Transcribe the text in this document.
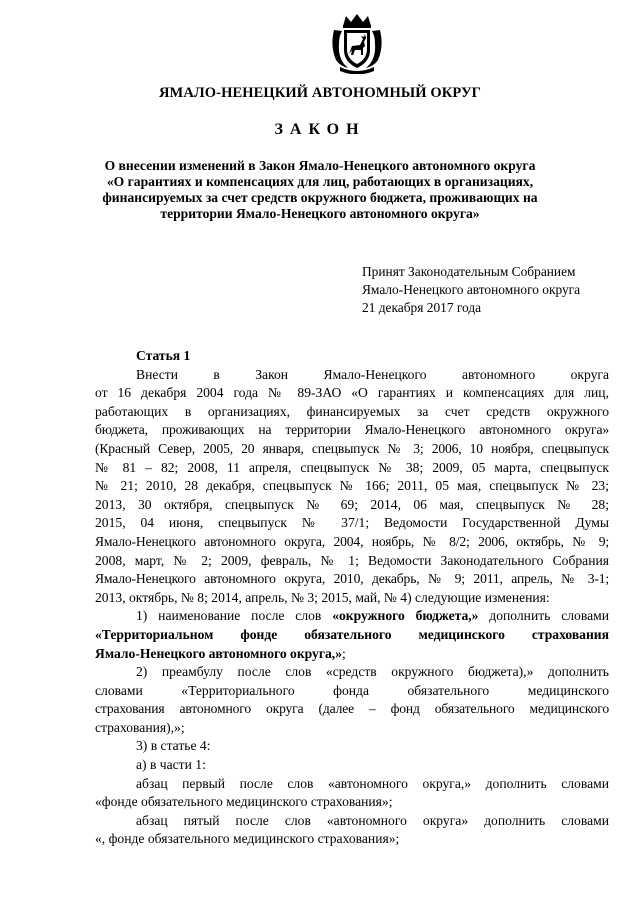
ЯМАЛО-НЕНЕЦКИЙ АВТОНОМНЫЙ ОКРУГ
ЗАКОН
О внесении изменений в Закон Ямало-Ненецкого автономного округа
«О гарантиях и компенсациях для лиц, работающих в организациях,
финансируемых за счет средств окружного бюджета, проживающих на
территории Ямало-Ненецкого автономного округа»
Принят Законодательным Собранием
Ямало-Ненецкого автономного округа
21 декабря 2017 года
Статья 1
Внести в Закон Ямало-Ненецкого автономного округа
от 16 декабря 2004 года № 89-ЗАО «О гарантиях и компенсациях для лиц,
работающих в организациях, финансируемых за счет средств окружного
бюджета, проживающих на территории Ямало-Ненецкого автономного округа»
(Красный Север, 2005, 20 января, спецвыпуск № 3; 2006, 10 ноября, спецвыпуск
№ 81 – 82; 2008, 11 апреля, спецвыпуск № 38; 2009, 05 марта, спецвыпуск
№ 21; 2010, 28 декабря, спецвыпуск № 166; 2011, 05 мая, спецвыпуск № 23;
2013, 30 октября, спецвыпуск № 69; 2014, 06 мая, спецвыпуск № 28;
2015, 04 июня, спецвыпуск № 37/1; Ведомости Государственной Думы
Ямало-Ненецкого автономного округа, 2004, ноябрь, № 8/2; 2006, октябрь, № 9;
2008, март, № 2; 2009, февраль, № 1; Ведомости Законодательного Собрания
Ямало-Ненецкого автономного округа, 2010, декабрь, № 9; 2011, апрель, № 3-1;
2013, октябрь, № 8; 2014, апрель, № 3; 2015, май, № 4) следующие изменения:
1) наименование после слов «окружного бюджета,» дополнить словами
«Территориальном фонде обязательного медицинского страхования
Ямало-Ненецкого автономного округа,»;
2) преамбулу после слов «средств окружного бюджета),» дополнить
словами «Территориального фонда обязательного медицинского
страхования автономного округа (далее – фонд обязательного медицинского
страхования),»;
3) в статье 4:
а) в части 1:
абзац первый после слов «автономного округа,» дополнить словами
«фонде обязательного медицинского страхования»;
абзац пятый после слов «автономного округа» дополнить словами
«, фонде обязательного медицинского страхования»;
